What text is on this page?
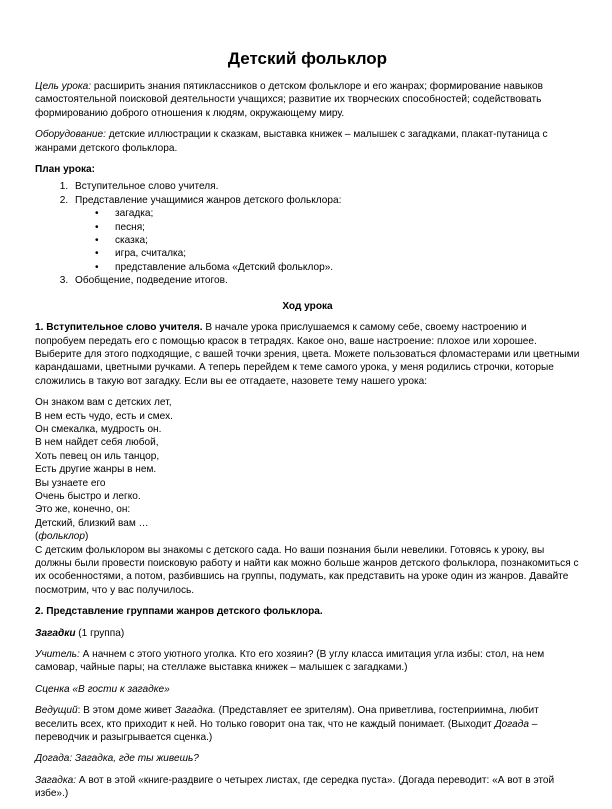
Детский фольклор

Цель урока: расширить знания пятиклассников о детском фольклоре и его жанрах; формирование навыков самостоятельной поисковой деятельности учащихся; развитие их творческих способностей; содействовать формированию доброго отношения к людям, окружающему миру.

Оборудование: детские иллюстрации к сказкам, выставка книжек – малышек с загадками, плакат-путаница с жанрами детского фольклора.

План урока:
1. Вступительное слово учителя.
2. Представление учащимися жанров детского фольклора:
• загадка;
• песня;
• сказка;
• игра, считалка;
• представление альбома «Детский фольклор».
3. Обобщение, подведение итогов.
Ход урока

1. Вступительное слово учителя. В начале урока прислушаемся к самому себе, своему настроению и попробуем передать его с помощью красок в тетрадях. Какое оно, ваше настроение: плохое или хорошее. Выберите для этого подходящие, с вашей точки зрения, цвета. Можете пользоваться фломастерами или цветными карандашами, цветными ручками. А теперь перейдем к теме самого урока, у меня родились строчки, которые сложились в такую вот загадку. Если вы ее отгадаете, назовете тему нашего урока:

Он знаком вам с детских лет,
В нем есть чудо, есть и смех.
Он смекалка, мудрость он.
В нем найдет себя любой,
Хоть певец он иль танцор,
Есть другие жанры в нем.
Вы узнаете его
Очень быстро и легко.
Это же, конечно, он:
Детский, близкий вам …
(фольклор)

С детским фольклором вы знакомы с детского сада. Но ваши познания были невелики. Готовясь к уроку, вы должны были провести поисковую работу и найти как можно больше жанров детского фольклора, познакомиться с их особенностями, а потом, разбившись на группы, подумать, как представить на уроке один из жанров. Давайте посмотрим, что у вас получилось.

2. Представление группами жанров детского фольклора.

Загадки (1 группа)

Учитель: А начнем с этого уютного уголка. Кто его хозяин? (В углу класса имитация угла избы: стол, на нем самовар, чайные пары; на стеллаже выставка книжек – малышек с загадками.)

Сценка «В гости к загадке»

Ведущий: В этом доме живет Загадка. (Представляет ее зрителям). Она приветлива, гостеприимна, любит веселить всех, кто приходит к ней. Но только говорит она так, что не каждый понимает. (Выходит Догада – переводчик и разыгрывается сценка.)

Догада: Загадка, где ты живешь?

Загадка: А вот в этой «книге-раздвиге о четырех листах, где середка пуста». (Догада переводит: «А вот в этой избе».)
